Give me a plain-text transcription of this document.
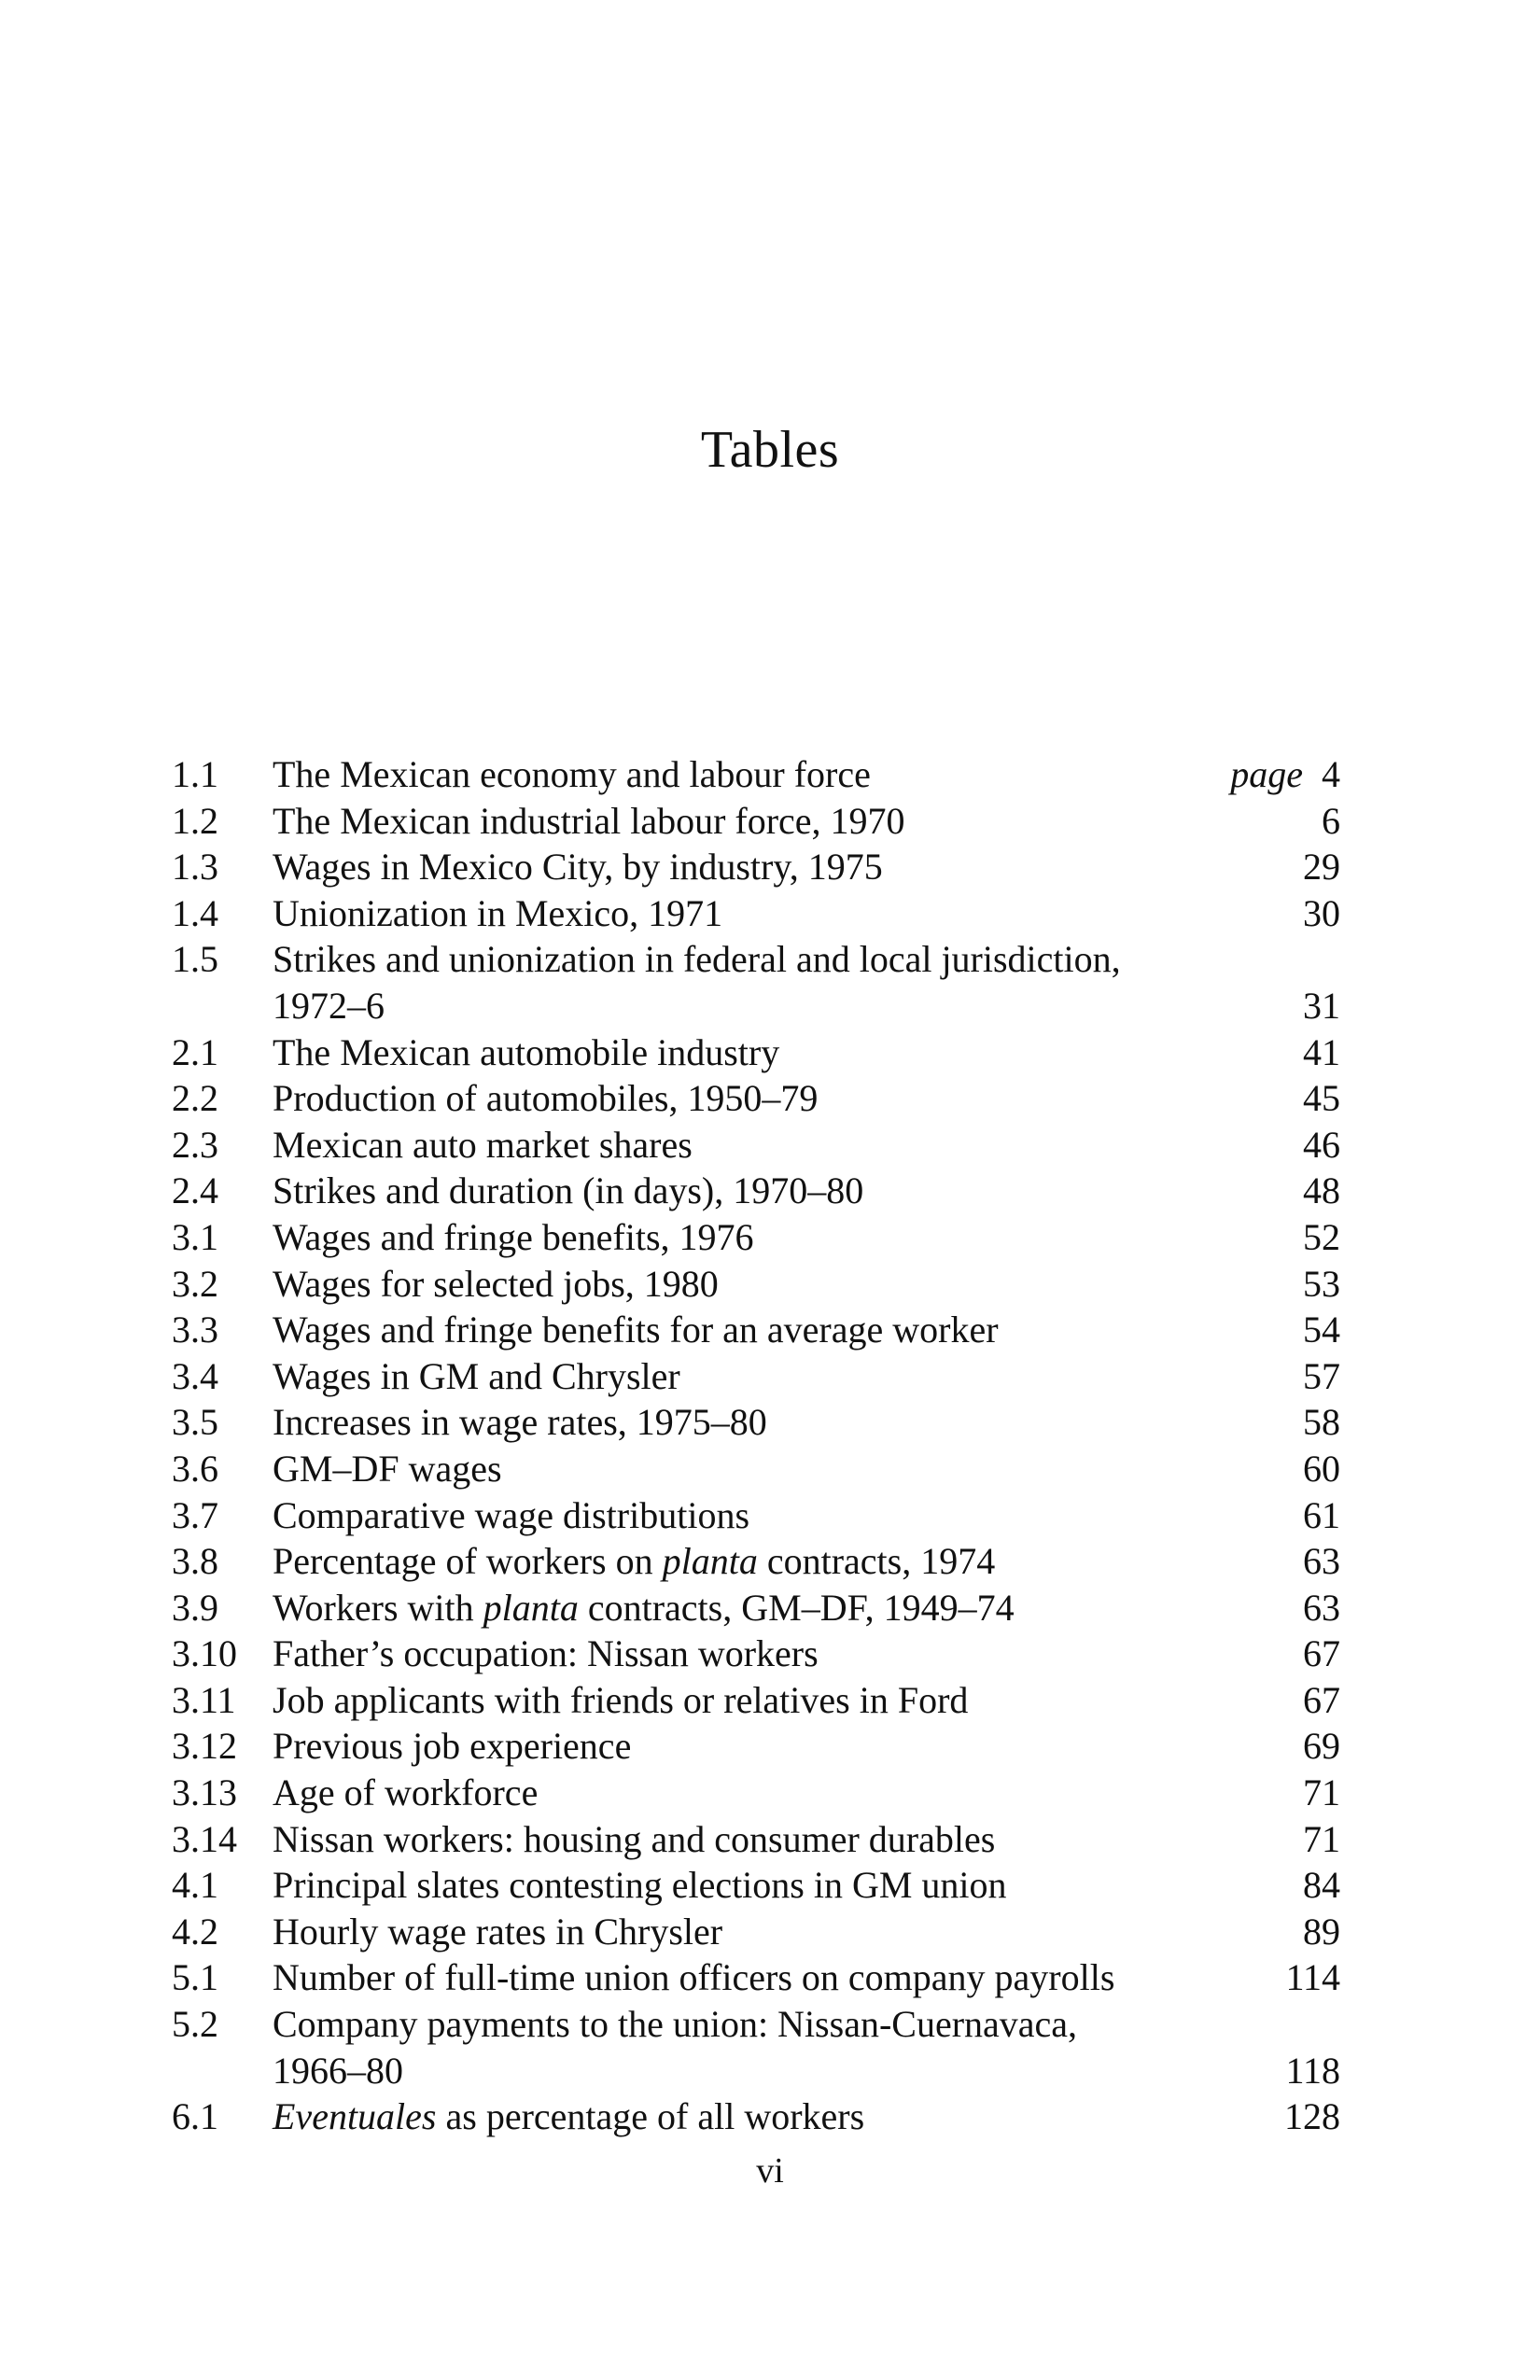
Tables
1.1 The Mexican economy and labour force	page 4
1.2 The Mexican industrial labour force, 1970	6
1.3 Wages in Mexico City, by industry, 1975	29
1.4 Unionization in Mexico, 1971	30
1.5 Strikes and unionization in federal and local jurisdiction,
1972–6	31
2.1 The Mexican automobile industry	41
2.2 Production of automobiles, 1950–79	45
2.3 Mexican auto market shares	46
2.4 Strikes and duration (in days), 1970–80	48
3.1 Wages and fringe benefits, 1976	52
3.2 Wages for selected jobs, 1980	53
3.3 Wages and fringe benefits for an average worker	54
3.4 Wages in GM and Chrysler	57
3.5 Increases in wage rates, 1975–80	58
3.6 GM–DF wages	60
3.7 Comparative wage distributions	61
3.8 Percentage of workers on planta contracts, 1974	63
3.9 Workers with planta contracts, GM–DF, 1949–74	63
3.10 Father’s occupation: Nissan workers	67
3.11 Job applicants with friends or relatives in Ford	67
3.12 Previous job experience	69
3.13 Age of workforce	71
3.14 Nissan workers: housing and consumer durables	71
4.1 Principal slates contesting elections in GM union	84
4.2 Hourly wage rates in Chrysler	89
5.1 Number of full-time union officers on company payrolls	114
5.2 Company payments to the union: Nissan-Cuernavaca,
1966–80	118
6.1 Eventuales as percentage of all workers	128
vi
